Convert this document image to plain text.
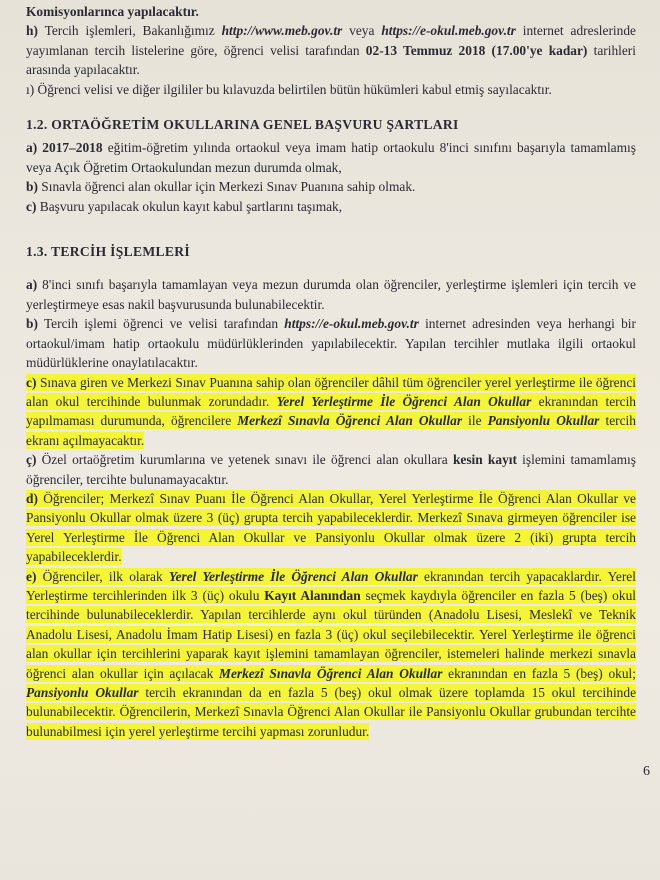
Komisyonlarınca yapılacaktır.
h) Tercih işlemleri, Bakanlığımız http://www.meb.gov.tr veya https://e-okul.meb.gov.tr internet adreslerinde yayımlanan tercih listelerine göre, öğrenci velisi tarafından 02-13 Temmuz 2018 (17.00'ye kadar) tarihleri arasında yapılacaktır.
ı) Öğrenci velisi ve diğer ilgililer bu kılavuzda belirtilen bütün hükümleri kabul etmiş sayılacaktır.

1.2. ORTAÖĞRETİM OKULLARINA GENEL BAŞVURU ŞARTLARI

a) 2017–2018 eğitim-öğretim yılında ortaokul veya imam hatip ortaokulu 8'inci sınıfını başarıyla tamamlamış veya Açık Öğretim Ortaokulundan mezun durumda olmak,
b) Sınavla öğrenci alan okullar için Merkezi Sınav Puanına sahip olmak.
c) Başvuru yapılacak okulun kayıt kabul şartlarını taşımak,

1.3. TERCİH İŞLEMLERİ

a) 8'inci sınıfı başarıyla tamamlayan veya mezun durumda olan öğrenciler, yerleştirme işlemleri için tercih ve yerleştirmeye esas nakil başvurusunda bulunabilecektir.

b) Tercih işlemi öğrenci ve velisi tarafından https://e-okul.meb.gov.tr internet adresinden veya herhangi bir ortaokul/imam hatip ortaokulu müdürlüklerinden yapılabilecektir. Yapılan tercihler mutlaka ilgili ortaokul müdürlüklerine onaylatılacaktır.

c) Sınava giren ve Merkezi Sınav Puanına sahip olan öğrenciler dâhil tüm öğrenciler yerel yerleştirme ile öğrenci alan okul tercihinde bulunmak zorundadır. Yerel Yerleştirme İle Öğrenci Alan Okullar ekranından tercih yapılmaması durumunda, öğrencilere Merkezî Sınavla Öğrenci Alan Okullar ile Pansiyonlu Okullar tercih ekranı açılmayacaktır.

ç) Özel ortaöğretim kurumlarına ve yetenek sınavı ile öğrenci alan okullara kesin kayıt işlemini tamamlamış öğrenciler, tercihte bulunamayacaktır.

d) Öğrenciler; Merkezî Sınav Puanı İle Öğrenci Alan Okullar, Yerel Yerleştirme İle Öğrenci Alan Okullar ve Pansiyonlu Okullar olmak üzere 3 (üç) grupta tercih yapabileceklerdir. Merkezî Sınava girmeyen öğrenciler ise Yerel Yerleştirme İle Öğrenci Alan Okullar ve Pansiyonlu Okullar olmak üzere 2 (iki) grupta tercih yapabileceklerdir.

e) Öğrenciler, ilk olarak Yerel Yerleştirme İle Öğrenci Alan Okullar ekranından tercih yapacaklardır. Yerel Yerleştirme tercihlerinden ilk 3 (üç) okulu Kayıt Alanından seçmek kaydıyla öğrenciler en fazla 5 (beş) okul tercihinde bulunabileceklerdir. Yapılan tercihlerde aynı okul türünden (Anadolu Lisesi, Meslekî ve Teknik Anadolu Lisesi, Anadolu İmam Hatip Lisesi) en fazla 3 (üç) okul seçilebilecektir. Yerel Yerleştirme ile öğrenci alan okullar için tercihlerini yaparak kayıt işlemini tamamlayan öğrenciler, istemeleri halinde merkezi sınavla öğrenci alan okullar için açılacak Merkezî Sınavla Öğrenci Alan Okullar ekranından en fazla 5 (beş) okul; Pansiyonlu Okullar tercih ekranından da en fazla 5 (beş) okul olmak üzere toplamda 15 okul tercihinde bulunabilecektir. Öğrencilerin, Merkezî Sınavla Öğrenci Alan Okullar ile Pansiyonlu Okullar grubundan tercihte bulunabilmesi için yerel yerleştirme tercihi yapması zorunludur.

6
